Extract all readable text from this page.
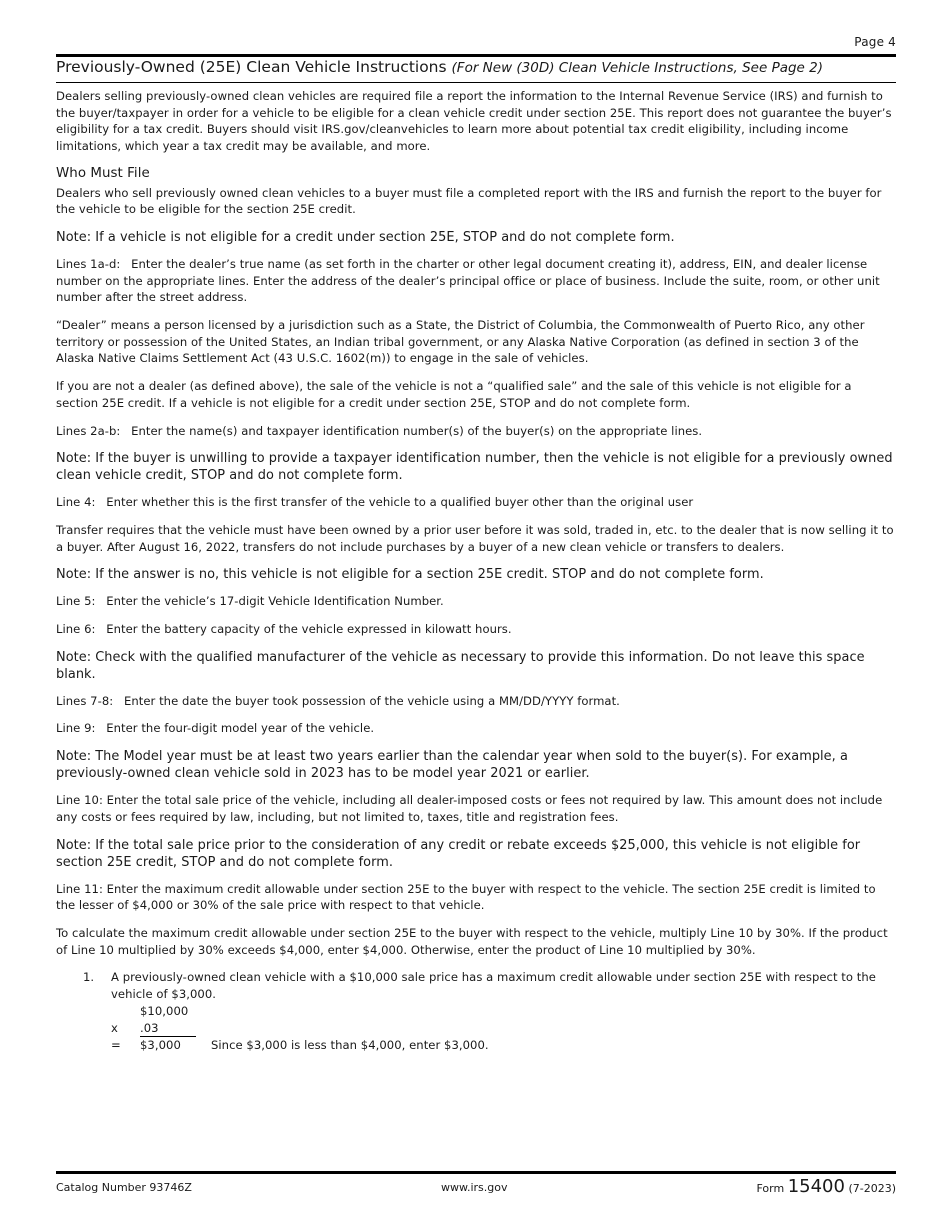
Page 4
Previously-Owned (25E) Clean Vehicle Instructions (For New (30D) Clean Vehicle Instructions, See Page 2)

Dealers selling previously-owned clean vehicles are required file a report the information to the Internal Revenue Service (IRS) and furnish to the buyer/taxpayer in order for a vehicle to be eligible for a clean vehicle credit under section 25E. This report does not guarantee the buyer’s eligibility for a tax credit. Buyers should visit IRS.gov/cleanvehicles to learn more about potential tax credit eligibility, including income limitations, which year a tax credit may be available, and more.

Who Must File

Dealers who sell previously owned clean vehicles to a buyer must file a completed report with the IRS and furnish the report to the buyer for the vehicle to be eligible for the section 25E credit.

Note: If a vehicle is not eligible for a credit under section 25E, STOP and do not complete form.

Lines 1a-d: Enter the dealer’s true name (as set forth in the charter or other legal document creating it), address, EIN, and dealer license number on the appropriate lines. Enter the address of the dealer’s principal office or place of business. Include the suite, room, or other unit number after the street address.

“Dealer” means a person licensed by a jurisdiction such as a State, the District of Columbia, the Commonwealth of Puerto Rico, any other territory or possession of the United States, an Indian tribal government, or any Alaska Native Corporation (as defined in section 3 of the Alaska Native Claims Settlement Act (43 U.S.C. 1602(m)) to engage in the sale of vehicles.

If you are not a dealer (as defined above), the sale of the vehicle is not a “qualified sale” and the sale of this vehicle is not eligible for a section 25E credit. If a vehicle is not eligible for a credit under section 25E, STOP and do not complete form.

Lines 2a-b: Enter the name(s) and taxpayer identification number(s) of the buyer(s) on the appropriate lines.

Note: If the buyer is unwilling to provide a taxpayer identification number, then the vehicle is not eligible for a previously owned clean vehicle credit, STOP and do not complete form.

Line 4: Enter whether this is the first transfer of the vehicle to a qualified buyer other than the original user

Transfer requires that the vehicle must have been owned by a prior user before it was sold, traded in, etc. to the dealer that is now selling it to a buyer. After August 16, 2022, transfers do not include purchases by a buyer of a new clean vehicle or transfers to dealers.

Note: If the answer is no, this vehicle is not eligible for a section 25E credit. STOP and do not complete form.

Line 5: Enter the vehicle’s 17-digit Vehicle Identification Number.

Line 6: Enter the battery capacity of the vehicle expressed in kilowatt hours.

Note: Check with the qualified manufacturer of the vehicle as necessary to provide this information. Do not leave this space blank.

Lines 7-8: Enter the date the buyer took possession of the vehicle using a MM/DD/YYYY format.

Line 9: Enter the four-digit model year of the vehicle.

Note: The Model year must be at least two years earlier than the calendar year when sold to the buyer(s). For example, a previously-owned clean vehicle sold in 2023 has to be model year 2021 or earlier.

Line 10: Enter the total sale price of the vehicle, including all dealer-imposed costs or fees not required by law. This amount does not include any costs or fees required by law, including, but not limited to, taxes, title and registration fees.

Note: If the total sale price prior to the consideration of any credit or rebate exceeds $25,000, this vehicle is not eligible for section 25E credit, STOP and do not complete form.

Line 11: Enter the maximum credit allowable under section 25E to the buyer with respect to the vehicle. The section 25E credit is limited to the lesser of $4,000 or 30% of the sale price with respect to that vehicle.

To calculate the maximum credit allowable under section 25E to the buyer with respect to the vehicle, multiply Line 10 by 30%. If the product of Line 10 multiplied by 30% exceeds $4,000, enter $4,000. Otherwise, enter the product of Line 10 multiplied by 30%.

1. A previously-owned clean vehicle with a $10,000 sale price has a maximum credit allowable under section 25E with respect to the vehicle of $3,000.
$10,000
x .03
= $3,000	Since $3,000 is less than $4,000, enter $3,000.
Catalog Number 93746Z	www.irs.gov	Form 15400 (7-2023)
